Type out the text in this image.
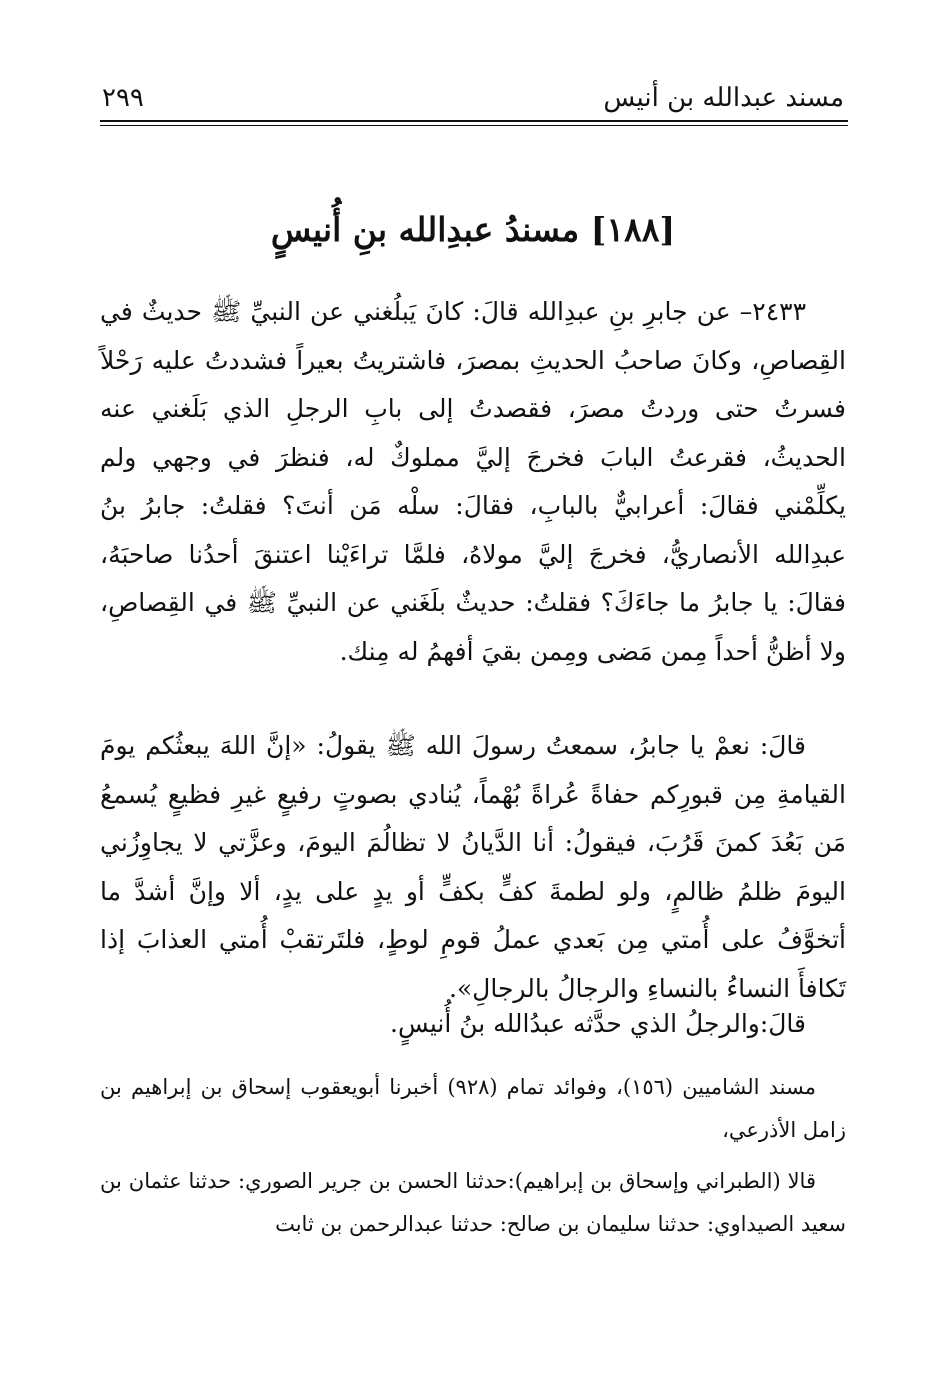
مسند عبدالله بن أنيس
٢٩٩
[١٨٨] مسندُ عبدِالله بنِ أُنيسٍ

٢٤٣٣– عن جابرِ بنِ عبدِالله قالَ: كانَ يَبلُغني عن النبيِّ ﷺ حديثٌ في القِصاصِ، وكانَ صاحبُ الحديثِ بمصرَ، فاشتريتُ بعيراً فشددتُ عليه رَحْلاً فسرتُ حتى وردتُ مصرَ، فقصدتُ إلى بابِ الرجلِ الذي بَلَغني عنه الحديثُ، فقرعتُ البابَ فخرجَ إليَّ مملوكٌ له، فنظرَ في وجهي ولم يكلِّمْني فقالَ: أعرابيٌّ بالبابِ، فقالَ: سلْه مَن أنتَ؟ فقلتُ: جابرُ بنُ عبدِالله الأنصاريُّ، فخرجَ إليَّ مولاهُ، فلمَّا تراءَيْنا اعتنقَ أحدُنا صاحبَهُ، فقالَ: يا جابرُ ما جاءَكَ؟ فقلتُ: حديثٌ بلَغَني عن النبيِّ ﷺ في القِصاصِ، ولا أظنُّ أحداً مِمن مَضى ومِمن بقيَ أفهمُ له مِنك.

قالَ: نعمْ يا جابرُ، سمعتُ رسولَ الله ﷺ يقولُ: «إنَّ اللهَ يبعثُكم يومَ القيامةِ مِن قبورِكم حفاةً عُراةً بُهْماً، يُنادي بصوتٍ رفيعٍ غيرِ فظيعٍ يُسمعُ مَن بَعُدَ كمنَ قَرُبَ، فيقولُ: أنا الدَّيانُ لا تظالُمَ اليومَ، وعزَّتي لا يجاوِزُني اليومَ ظلمُ ظالمٍ، ولو لطمةَ كفٍّ بكفٍّ أو يدٍ على يدٍ، ألا وإنَّ أشدَّ ما أتخوَّفُ على أُمتي مِن بَعدي عملُ قومِ لوطٍ، فلتَرتقبْ أُمتي العذابَ إذا تَكافأَ النساءُ بالنساءِ والرجالُ بالرجالِ».

قالَ:والرجلُ الذي حدَّثه عبدُالله بنُ أُنيسٍ.

مسند الشاميين (١٥٦)، وفوائد تمام (٩٢٨) أخبرنا أبويعقوب إسحاق بن إبراهيم بن زامل الأذرعي،

قالا (الطبراني وإسحاق بن إبراهيم):حدثنا الحسن بن جرير الصوري: حدثنا عثمان بن سعيد الصيداوي: حدثنا سليمان بن صالح: حدثنا عبدالرحمن بن ثابت
